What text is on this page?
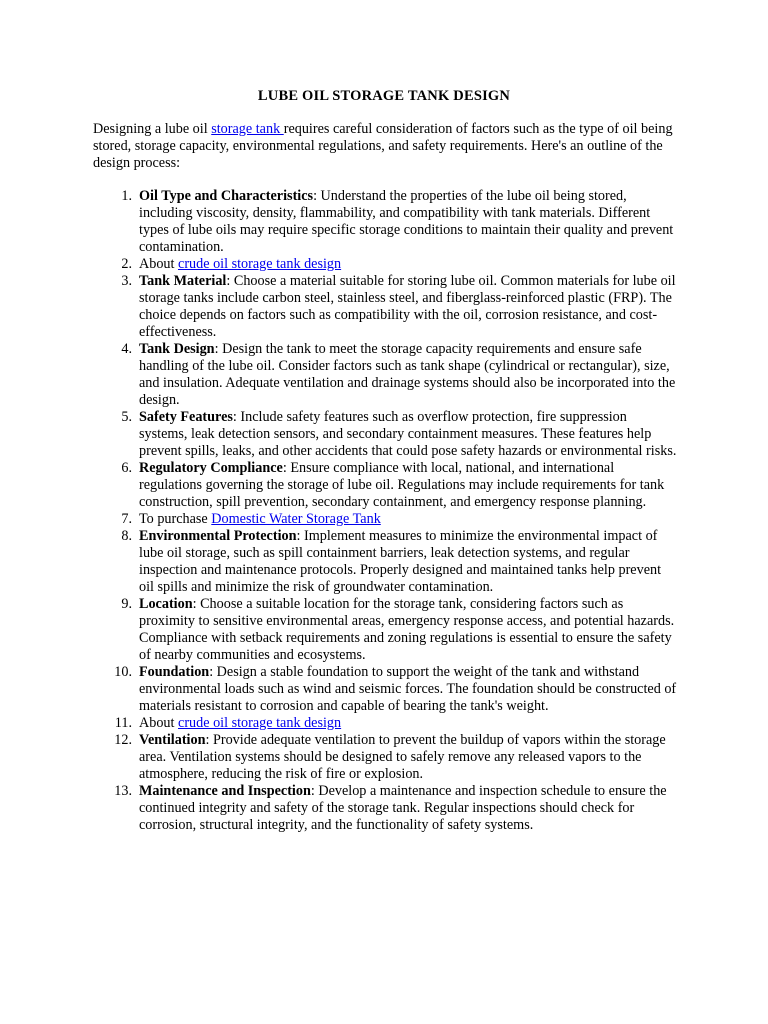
LUBE OIL STORAGE TANK DESIGN

Designing a lube oil storage tank requires careful consideration of factors such as the type of oil being stored, storage capacity, environmental regulations, and safety requirements. Here's an outline of the design process:

1. Oil Type and Characteristics: Understand the properties of the lube oil being stored, including viscosity, density, flammability, and compatibility with tank materials. Different types of lube oils may require specific storage conditions to maintain their quality and prevent contamination.
2. About crude oil storage tank design
3. Tank Material: Choose a material suitable for storing lube oil. Common materials for lube oil storage tanks include carbon steel, stainless steel, and fiberglass-reinforced plastic (FRP). The choice depends on factors such as compatibility with the oil, corrosion resistance, and cost-effectiveness.
4. Tank Design: Design the tank to meet the storage capacity requirements and ensure safe handling of the lube oil. Consider factors such as tank shape (cylindrical or rectangular), size, and insulation. Adequate ventilation and drainage systems should also be incorporated into the design.
5. Safety Features: Include safety features such as overflow protection, fire suppression systems, leak detection sensors, and secondary containment measures. These features help prevent spills, leaks, and other accidents that could pose safety hazards or environmental risks.
6. Regulatory Compliance: Ensure compliance with local, national, and international regulations governing the storage of lube oil. Regulations may include requirements for tank construction, spill prevention, secondary containment, and emergency response planning.
7. To purchase Domestic Water Storage Tank
8. Environmental Protection: Implement measures to minimize the environmental impact of lube oil storage, such as spill containment barriers, leak detection systems, and regular inspection and maintenance protocols. Properly designed and maintained tanks help prevent oil spills and minimize the risk of groundwater contamination.
9. Location: Choose a suitable location for the storage tank, considering factors such as proximity to sensitive environmental areas, emergency response access, and potential hazards. Compliance with setback requirements and zoning regulations is essential to ensure the safety of nearby communities and ecosystems.
10. Foundation: Design a stable foundation to support the weight of the tank and withstand environmental loads such as wind and seismic forces. The foundation should be constructed of materials resistant to corrosion and capable of bearing the tank's weight.
11. About crude oil storage tank design
12. Ventilation: Provide adequate ventilation to prevent the buildup of vapors within the storage area. Ventilation systems should be designed to safely remove any released vapors to the atmosphere, reducing the risk of fire or explosion.
13. Maintenance and Inspection: Develop a maintenance and inspection schedule to ensure the continued integrity and safety of the storage tank. Regular inspections should check for corrosion, structural integrity, and the functionality of safety systems.
